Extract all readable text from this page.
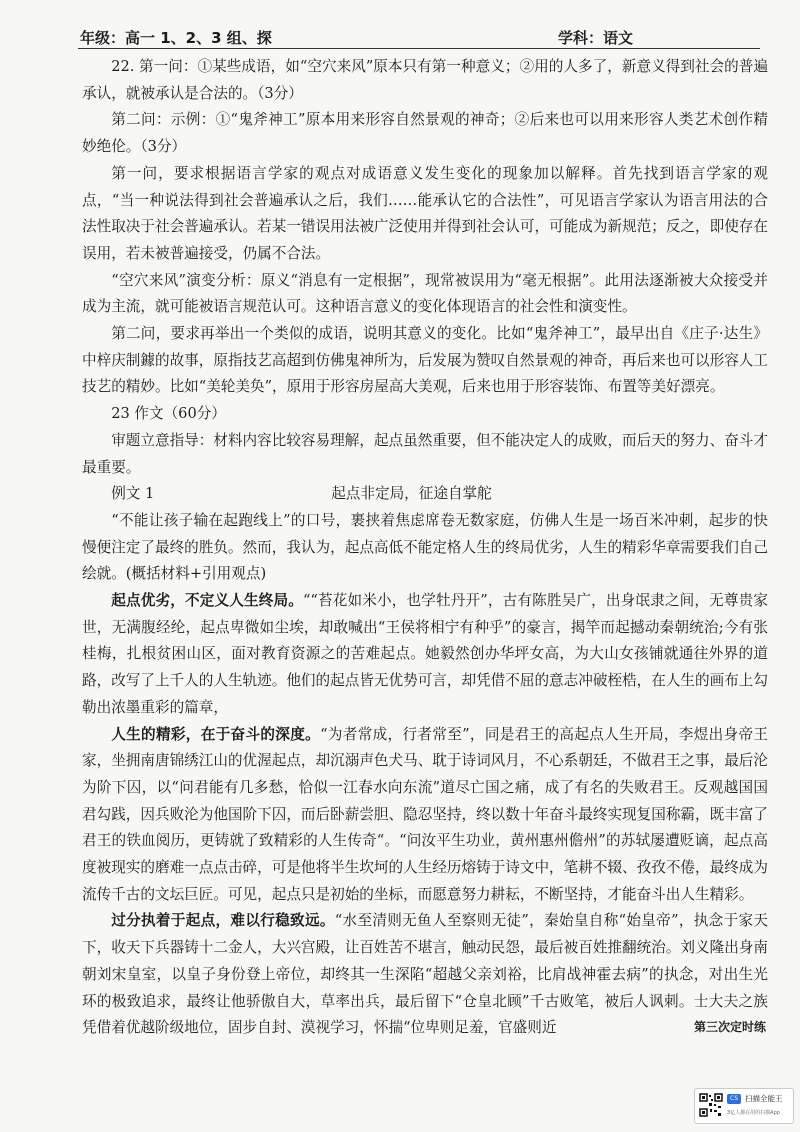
年级：高一 1、2、3 组、探	学科：语文

22. 第一问：①某些成语，如“空穴来风”原本只有第一种意义；②用的人多了，新意义得到社会的普遍承认，就被承认是合法的。（3分）

第二问：示例：①“鬼斧神工”原本用来形容自然景观的神奇；②后来也可以用来形容人类艺术创作精妙绝伦。（3分）

第一问，要求根据语言学家的观点对成语意义发生变化的现象加以解释。首先找到语言学家的观点，“当一种说法得到社会普遍承认之后，我们……能承认它的合法性”，可见语言学家认为语言用法的合法性取决于社会普遍承认。若某一错误用法被广泛使用并得到社会认可，可能成为新规范；反之，即使存在误用，若未被普遍接受，仍属不合法。

“空穴来风”演变分析：原义“消息有一定根据”，现常被误用为“毫无根据”。此用法逐渐被大众接受并成为主流，就可能被语言规范认可。这种语言意义的变化体现语言的社会性和演变性。

第二问，要求再举出一个类似的成语，说明其意义的变化。比如“鬼斧神工”，最早出自《庄子·达生》中梓庆制鐻的故事，原指技艺高超到仿佛鬼神所为，后发展为赞叹自然景观的神奇，再后来也可以形容人工技艺的精妙。比如“美轮美奂”，原用于形容房屋高大美观，后来也用于形容装饰、布置等美好漂亮。

23 作文（60分）

审题立意指导：材料内容比较容易理解，起点虽然重要，但不能决定人的成败，而后天的努力、奋斗才最重要。

例文 1	起点非定局，征途自掌舵

“不能让孩子输在起跑线上”的口号，裹挟着焦虑席卷无数家庭，仿佛人生是一场百米冲刺，起步的快慢便注定了最终的胜负。然而，我认为，起点高低不能定格人生的终局优劣，人生的精彩华章需要我们自己绘就。(概括材料+引用观点)

起点优劣，不定义人生终局。““苔花如米小，也学牡丹开”，古有陈胜吴广，出身氓隶之间，无尊贵家世，无满腹经纶，起点卑微如尘埃，却敢喊出“王侯将相宁有种乎”的豪言，揭竿而起撼动秦朝统治;今有张桂梅，扎根贫困山区，面对教育资源之的苦难起点。她毅然创办华坪女高，为大山女孩铺就通往外界的道路，改写了上千人的人生轨迹。他们的起点皆无优势可言，却凭借不屈的意志冲破桎梏，在人生的画布上勾勒出浓墨重彩的篇章，

人生的精彩，在于奋斗的深度。“为者常成，行者常至”，同是君王的高起点人生开局，李煜出身帝王家，坐拥南唐锦绣江山的优渥起点，却沉溺声色犬马、耽于诗词风月，不心系朝廷，不做君王之事，最后沦为阶下囚，以“问君能有几多愁，恰似一江春水向东流”道尽亡国之痛，成了有名的失败君王。反观越国国君勾践，因兵败沦为他国阶下囚，而后卧薪尝胆、隐忍坚持，终以数十年奋斗最终实现复国称霸，既丰富了君王的铁血阅历，更铸就了致精彩的人生传奇“。“问汝平生功业，黄州惠州儋州”的苏轼屡遭贬谪，起点高度被现实的磨难一点点击碎，可是他将半生坎坷的人生经历熔铸于诗文中，笔耕不辍、孜孜不倦，最终成为流传千古的文坛巨匠。可见，起点只是初始的坐标，而愿意努力耕耘，不断坚持，才能奋斗出人生精彩。

过分执着于起点，难以行稳致远。“水至清则无鱼人至察则无徒”，秦始皇自称“始皇帝”，执念于家天下，收天下兵器铸十二金人，大兴宫殿，让百姓苦不堪言，触动民怨，最后被百姓推翻统治。刘义隆出身南朝刘宋皇室，以皇子身份登上帝位，却终其一生深陷“超越父亲刘裕，比肩战神霍去病”的执念，对出生光环的极致追求，最终让他骄傲自大，草率出兵，最后留下“仓皇北顾”千古败笔，被后人讽刺。士大夫之族凭借着优越阶级地位，固步自封、漠视学习，怀揣“位卑则足羞，官盛则近	第三次定时练
CS 扫描全能王
3亿人都在用的扫描App
